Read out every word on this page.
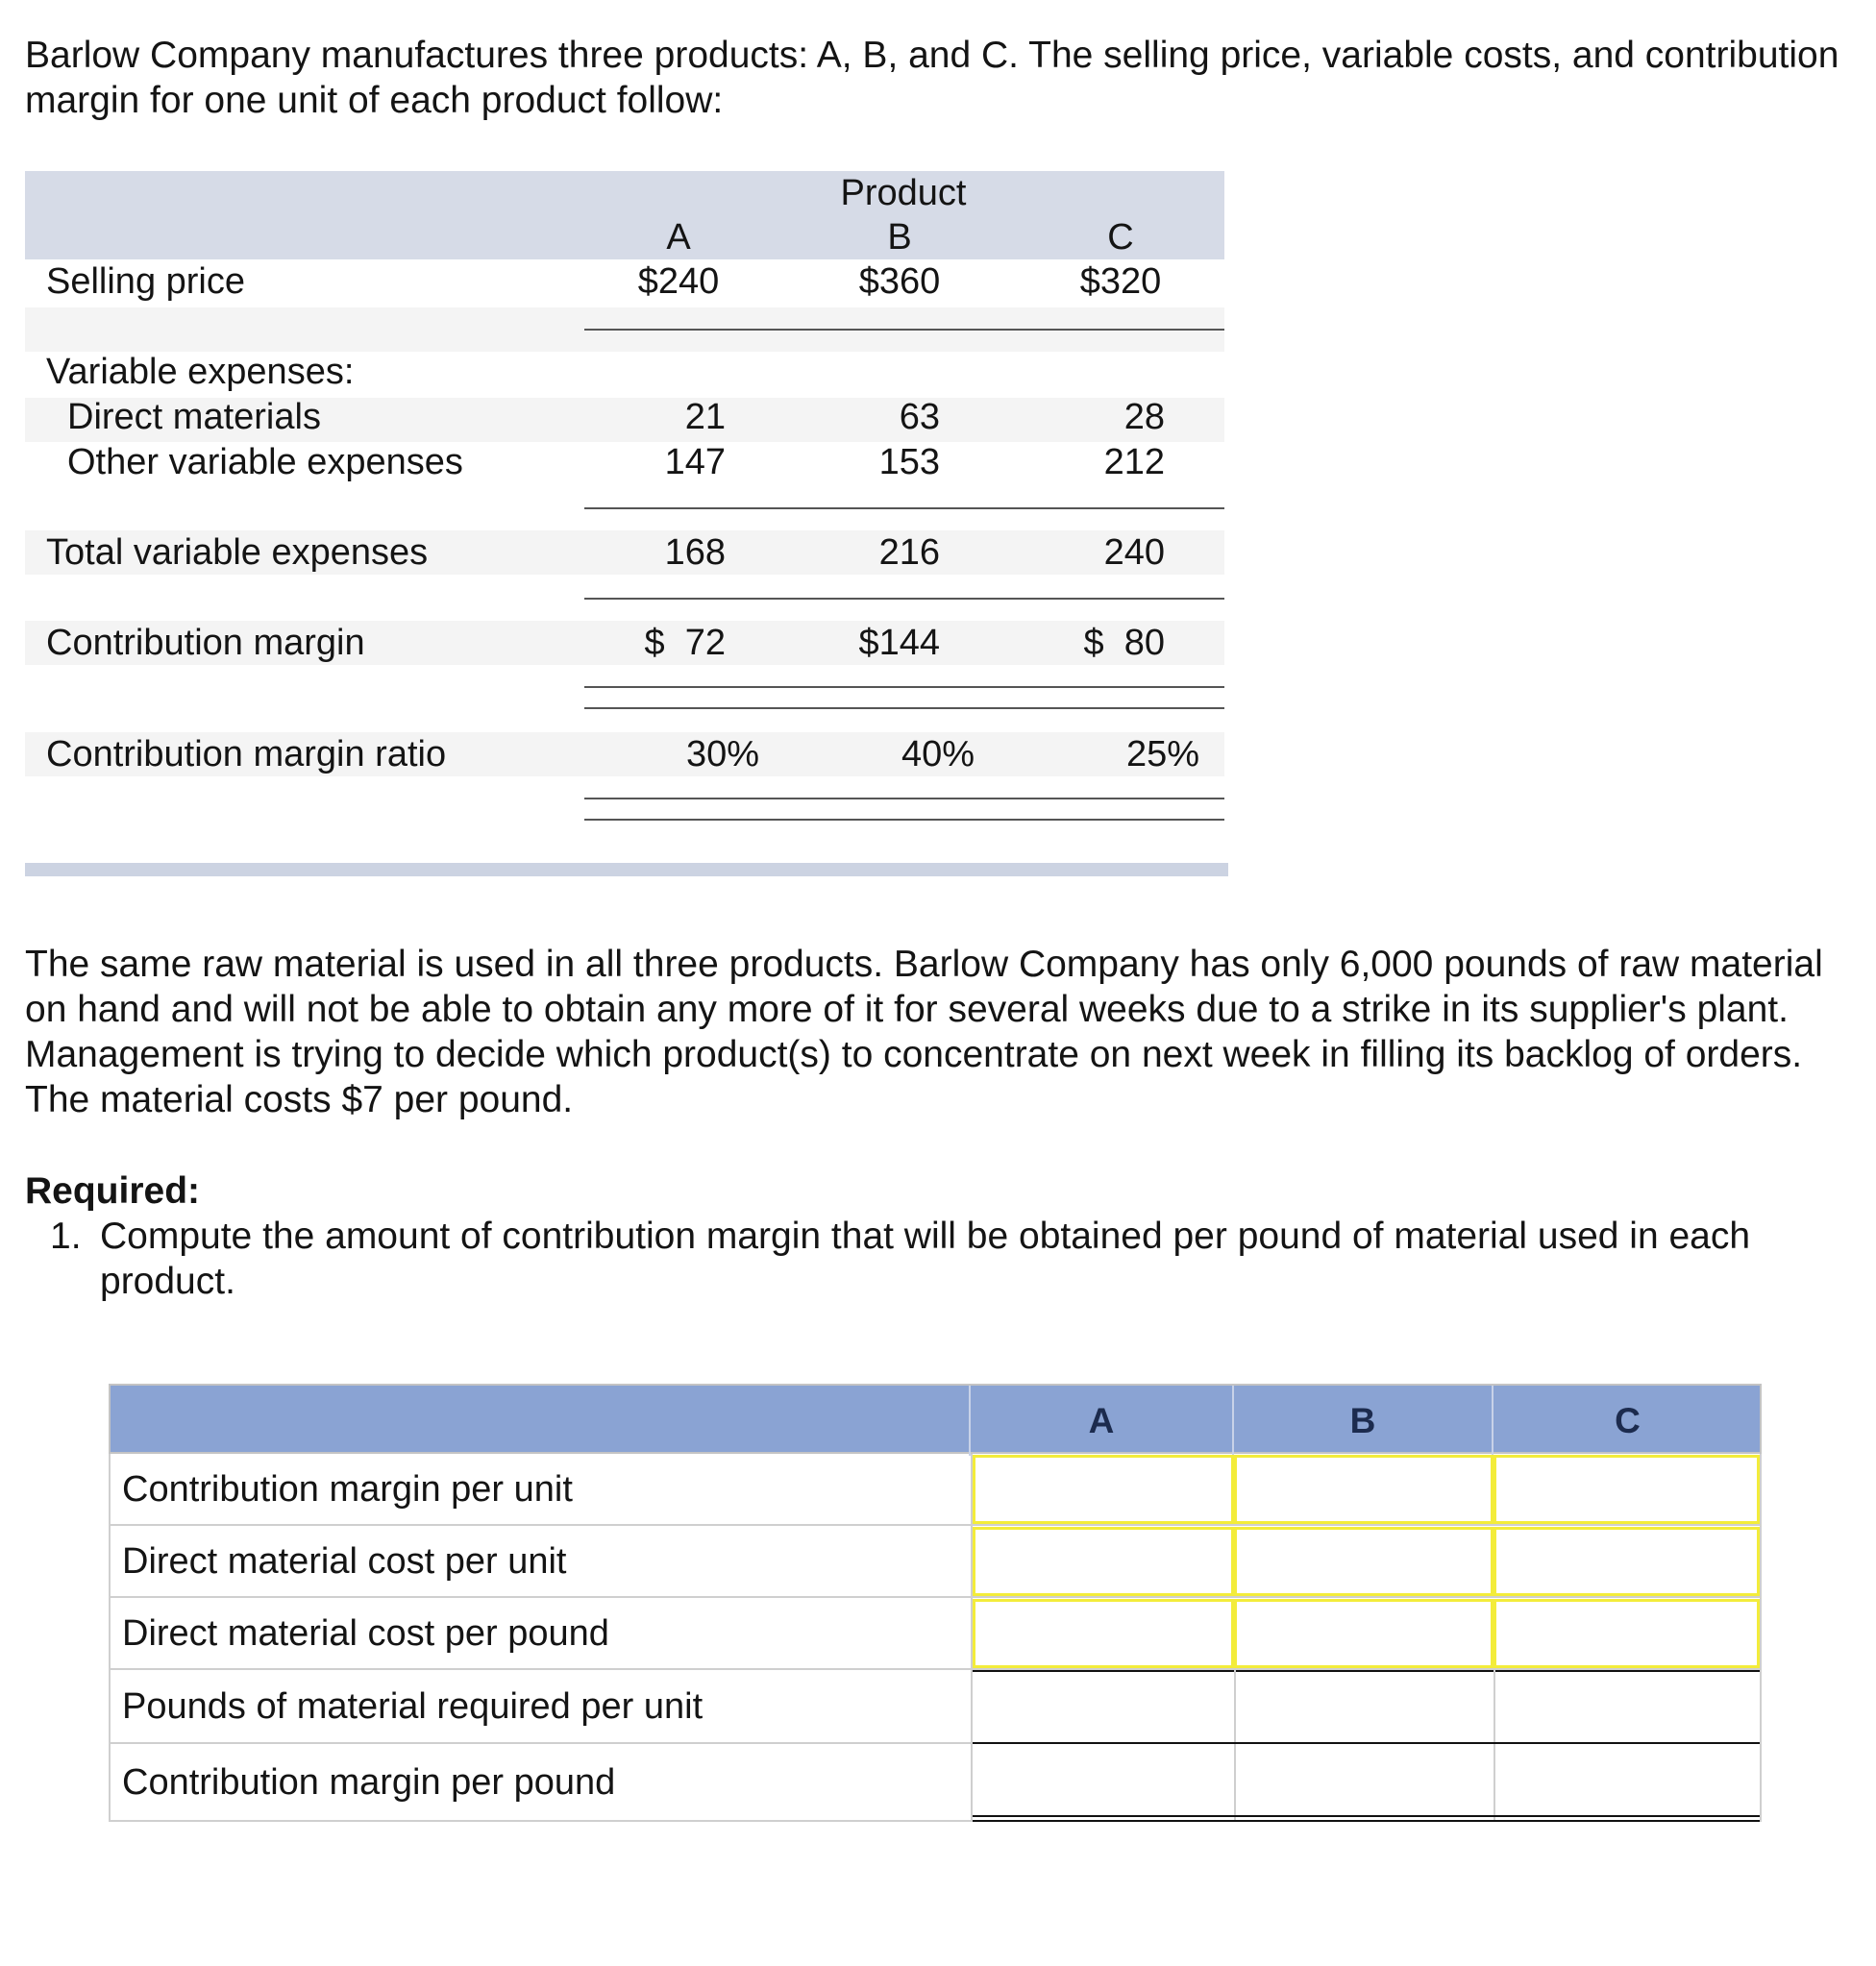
Barlow Company manufactures three products: A, B, and C. The selling price, variable costs, and contribution margin for one unit of each product follow:
Product
A	B	C
Selling price	$240	$360	$320
Variable expenses:
Direct materials	21	63	28
Other variable expenses	147	153	212
Total variable expenses	168	216	240
Contribution margin	$  72	$144	$  80
Contribution margin ratio	30%	40%	25%
The same raw material is used in all three products. Barlow Company has only 6,000 pounds of raw material on hand and will not be able to obtain any more of it for several weeks due to a strike in its supplier's plant. Management is trying to decide which product(s) to concentrate on next week in filling its backlog of orders. The material costs $7 per pound.
Required:
1. Compute the amount of contribution margin that will be obtained per pound of material used in each product.
A	B	C
Contribution margin per unit
Direct material cost per unit
Direct material cost per pound
Pounds of material required per unit
Contribution margin per pound
